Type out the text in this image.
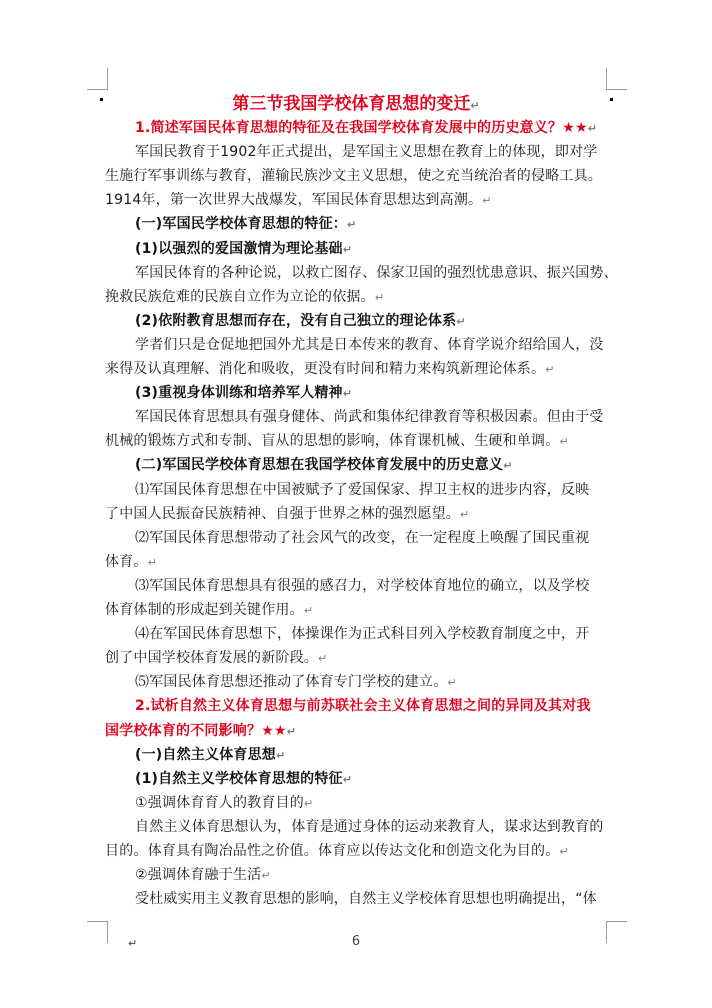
第三节我国学校体育思想的变迁↵
1.简述军国民体育思想的特征及在我国学校体育发展中的历史意义？★★↵
军国民教育于1902年正式提出，是军国主义思想在教育上的体现，即对学
生施行军事训练与教育，灌输民族沙文主义思想，使之充当统治者的侵略工具。
1914年，第一次世界大战爆发，军国民体育思想达到高潮。↵
(一)军国民学校体育思想的特征：↵
(1)以强烈的爱国激情为理论基础↵
军国民体育的各种论说，以救亡图存、保家卫国的强烈忧患意识、振兴国势、
挽救民族危难的民族自立作为立论的依据。↵
(2)依附教育思想而存在，没有自己独立的理论体系↵
学者们只是仓促地把国外尤其是日本传来的教育、体育学说介绍给国人，没
来得及认真理解、消化和吸收，更没有时间和精力来构筑新理论体系。↵
(3)重视身体训练和培养军人精神↵
军国民体育思想具有强身健体、尚武和集体纪律教育等积极因素。但由于受
机械的锻炼方式和专制、盲从的思想的影响，体育课机械、生硬和单调。↵
(二)军国民学校体育思想在我国学校体育发展中的历史意义↵
⑴军国民体育思想在中国被赋予了爱国保家、捍卫主权的进步内容，反映
了中国人民振奋民族精神、自强于世界之林的强烈愿望。↵
⑵军国民体育思想带动了社会风气的改变，在一定程度上唤醒了国民重视
体育。↵
⑶军国民体育思想具有很强的感召力，对学校体育地位的确立，以及学校
体育体制的形成起到关键作用。↵
⑷在军国民体育思想下，体操课作为正式科目列入学校教育制度之中，开
创了中国学校体育发展的新阶段。↵
⑸军国民体育思想还推动了体育专门学校的建立。↵
2.试析自然主义体育思想与前苏联社会主义体育思想之间的异同及其对我
国学校体育的不同影响？★★↵
(一)自然主义体育思想↵
(1)自然主义学校体育思想的特征↵
①强调体育育人的教育目的↵
自然主义体育思想认为，体育是通过身体的运动来教育人，谋求达到教育的
目的。体育具有陶冶品性之价值。体育应以传达文化和创造文化为目的。↵
②强调体育融于生活↵
受杜威实用主义教育思想的影响，自然主义学校体育思想也明确提出，“体
↵	6
